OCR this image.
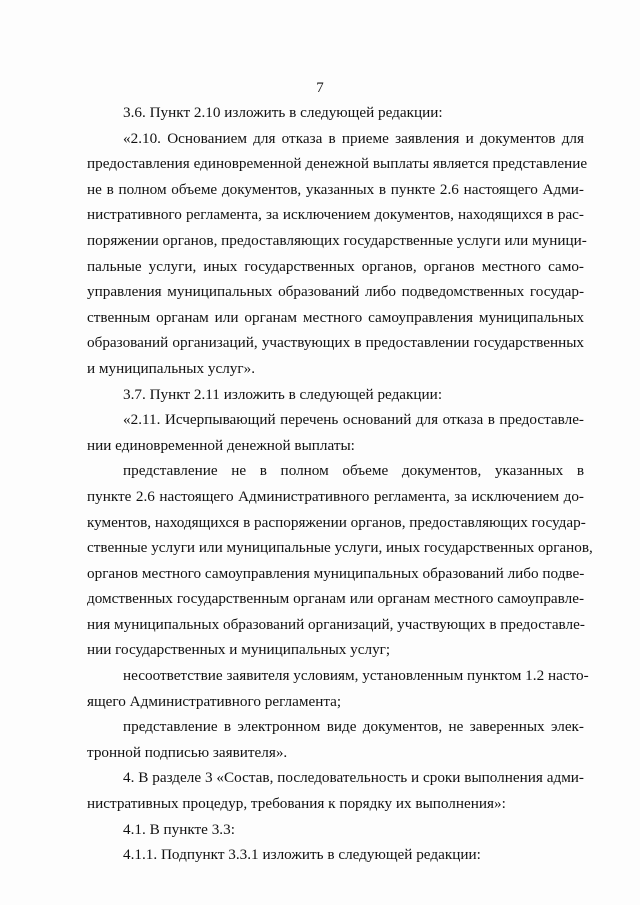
7
3.6. Пункт 2.10 изложить в следующей редакции:
«2.10. Основанием для отказа в приеме заявления и документов для
предоставления единовременной денежной выплаты является представление
не в полном объеме документов, указанных в пункте 2.6 настоящего Адми-
нистративного регламента, за исключением документов, находящихся в рас-
поряжении органов, предоставляющих государственные услуги или муници-
пальные услуги, иных государственных органов, органов местного само-
управления муниципальных образований либо подведомственных государ-
ственным органам или органам местного самоуправления муниципальных
образований организаций, участвующих в предоставлении государственных
и муниципальных услуг».
3.7. Пункт 2.11 изложить в следующей редакции:
«2.11. Исчерпывающий перечень оснований для отказа в предоставле-
нии единовременной денежной выплаты:
представление не в полном объеме документов, указанных в
пункте 2.6 настоящего Административного регламента, за исключением до-
кументов, находящихся в распоряжении органов, предоставляющих государ-
ственные услуги или муниципальные услуги, иных государственных органов,
органов местного самоуправления муниципальных образований либо подве-
домственных государственным органам или органам местного самоуправле-
ния муниципальных образований организаций, участвующих в предоставле-
нии государственных и муниципальных услуг;
несоответствие заявителя условиям, установленным пунктом 1.2 насто-
ящего Административного регламента;
представление в электронном виде документов, не заверенных элек-
тронной подписью заявителя».
4. В разделе 3 «Состав, последовательность и сроки выполнения адми-
нистративных процедур, требования к порядку их выполнения»:
4.1. В пункте 3.3:
4.1.1. Подпункт 3.3.1 изложить в следующей редакции:
